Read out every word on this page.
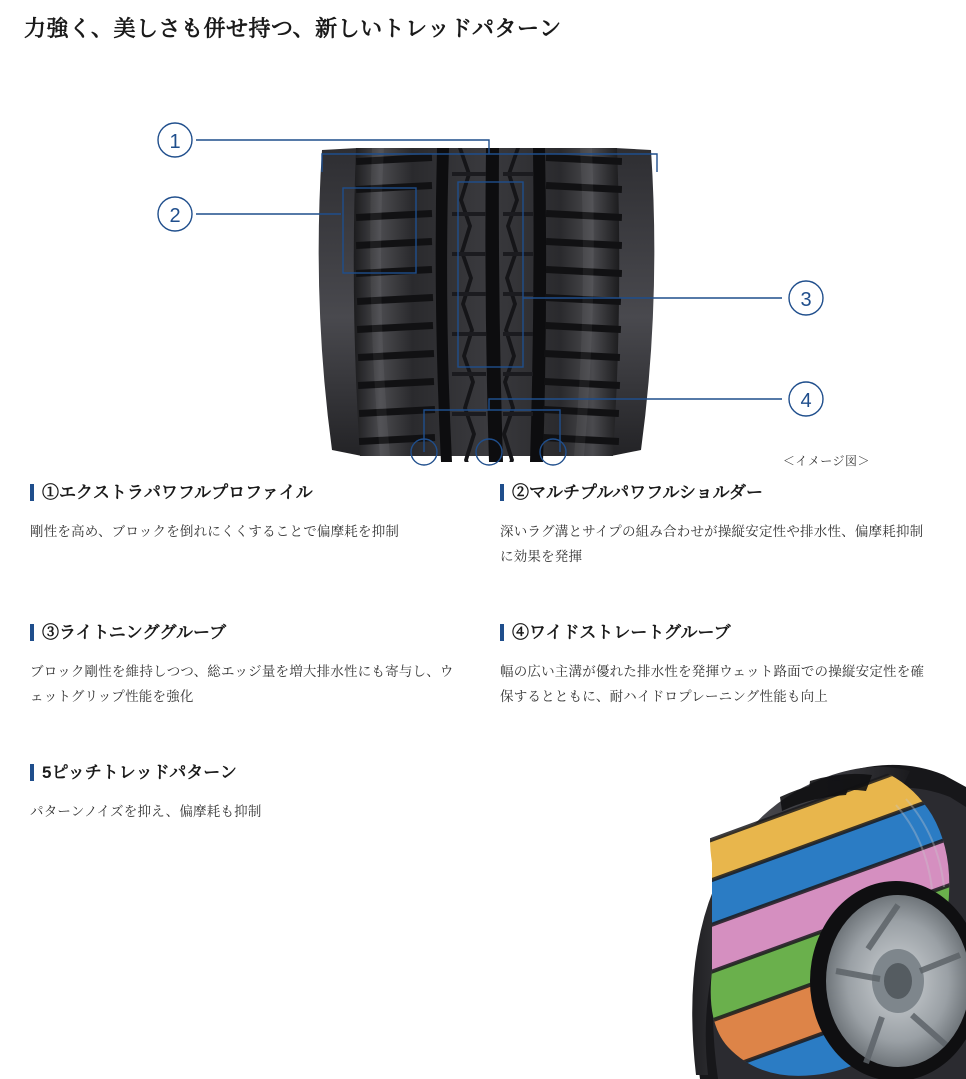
力強く、美しさも併せ持つ、新しいトレッドパターン
1
2
3
4
＜イメージ図＞
①エクストラパワフルプロファイル
剛性を高め、ブロックを倒れにくくすることで偏摩耗を抑制
③ライトニンググルーブ
ブロック剛性を維持しつつ、総エッジ量を増大排水性にも寄与し、ウェットグリップ性能を強化
5ピッチトレッドパターン
パターンノイズを抑え、偏摩耗も抑制
②マルチプルパワフルショルダー
深いラグ溝とサイプの組み合わせが操縦安定性や排水性、偏摩耗抑制に効果を発揮
④ワイドストレートグルーブ
幅の広い主溝が優れた排水性を発揮ウェット路面での操縦安定性を確保するとともに、耐ハイドロプレーニング性能も向上
